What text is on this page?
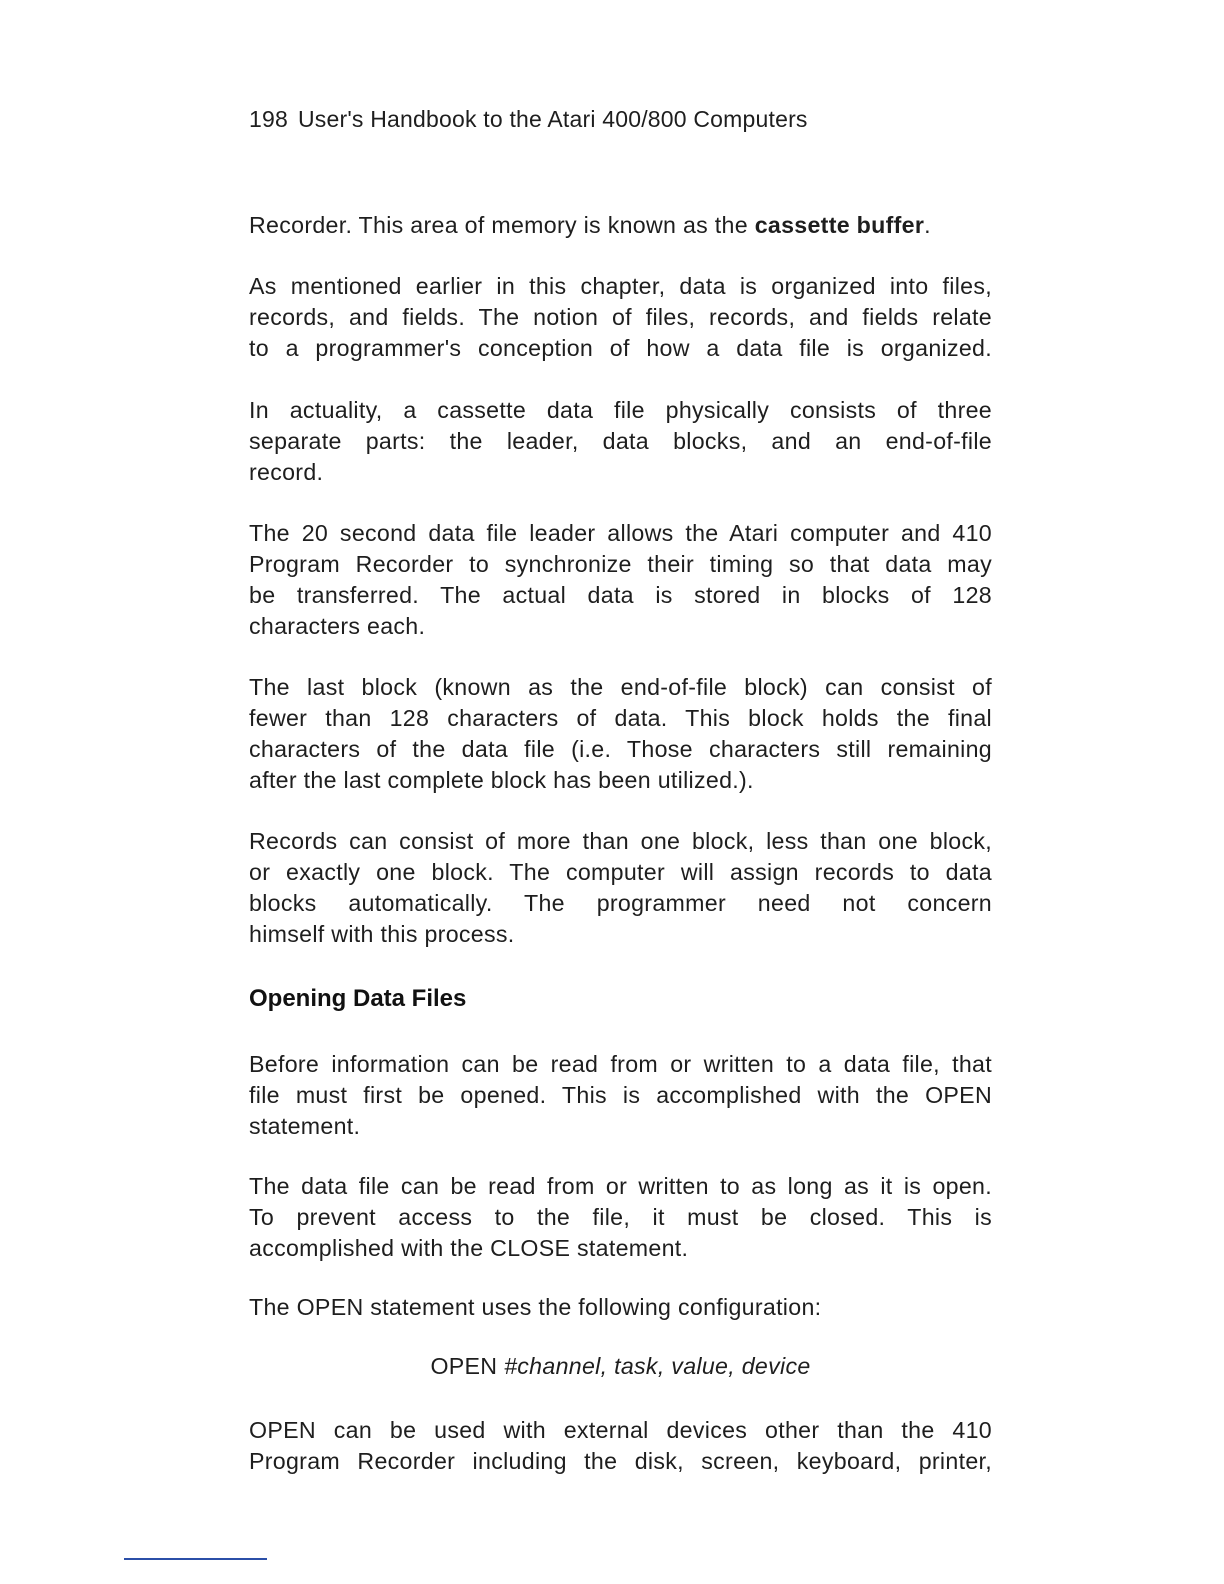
198 User's Handbook to the Atari 400/800 Computers
Recorder. This area of memory is known as the cassette buffer.
As mentioned earlier in this chapter, data is organized into files,
records, and fields. The notion of files, records, and fields relate
to a programmer's conception of how a data file is organized.
In actuality, a cassette data file physically consists of three
separate parts: the leader, data blocks, and an end-of-file
record.
The 20 second data file leader allows the Atari computer and 410
Program Recorder to synchronize their timing so that data may
be transferred. The actual data is stored in blocks of 128
characters each.
The last block (known as the end-of-file block) can consist of
fewer than 128 characters of data. This block holds the final
characters of the data file (i.e. Those characters still remaining
after the last complete block has been utilized.).
Records can consist of more than one block, less than one block,
or exactly one block. The computer will assign records to data
blocks automatically. The programmer need not concern
himself with this process.
Opening Data Files
Before information can be read from or written to a data file, that
file must first be opened. This is accomplished with the OPEN
statement.
The data file can be read from or written to as long as it is open.
To prevent access to the file, it must be closed. This is
accomplished with the CLOSE statement.
The OPEN statement uses the following configuration:
OPEN #channel, task, value, device
OPEN can be used with external devices other than the 410
Program Recorder including the disk, screen, keyboard, printer,
